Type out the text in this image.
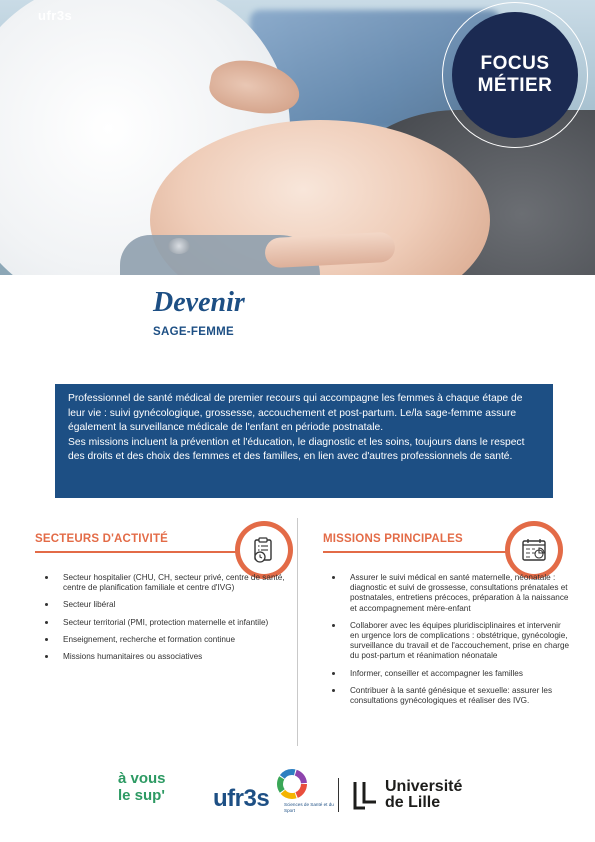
ufr3s
FOCUS
MÉTIER
Devenir
SAGE-FEMME

Professionnel de santé médical de premier recours qui accompagne les femmes à chaque étape de leur vie : suivi gynécologique, grossesse, accouchement et post-partum. Le/la sage-femme assure également la surveillance médicale de l'enfant en période postnatale.

Ses missions incluent la prévention et l'éducation, le diagnostic et les soins, toujours dans le respect des droits et des choix des femmes et des familles, en lien avec d'autres professionnels de santé.

SECTEURS D'ACTIVITÉ
Secteur hospitalier (CHU, CH, secteur privé, centre de santé, centre de planification familiale et centre d'IVG)
Secteur libéral
Secteur territorial (PMI, protection maternelle et infantile)
Enseignement, recherche et formation continue
Missions humanitaires ou associatives
MISSIONS PRINCIPALES
Assurer le suivi médical en santé maternelle, néonatale : diagnostic et suivi de grossesse, consultations prénatales et postnatales, entretiens précoces, préparation à la naissance et accompagnement mère-enfant
Collaborer avec les équipes pluridisciplinaires et intervenir en urgence lors de complications : obstétrique, gynécologie, surveillance du travail et de l'accouchement, prise en charge du post-partum et réanimation néonatale
Informer, conseiller et accompagner les familles
Contribuer à la santé génésique et sexuelle: assurer les consultations gynécologiques et réaliser des IVG.
à vous
le sup' ufr3s	Sciences de Santé et du Sport
Université
de Lille
